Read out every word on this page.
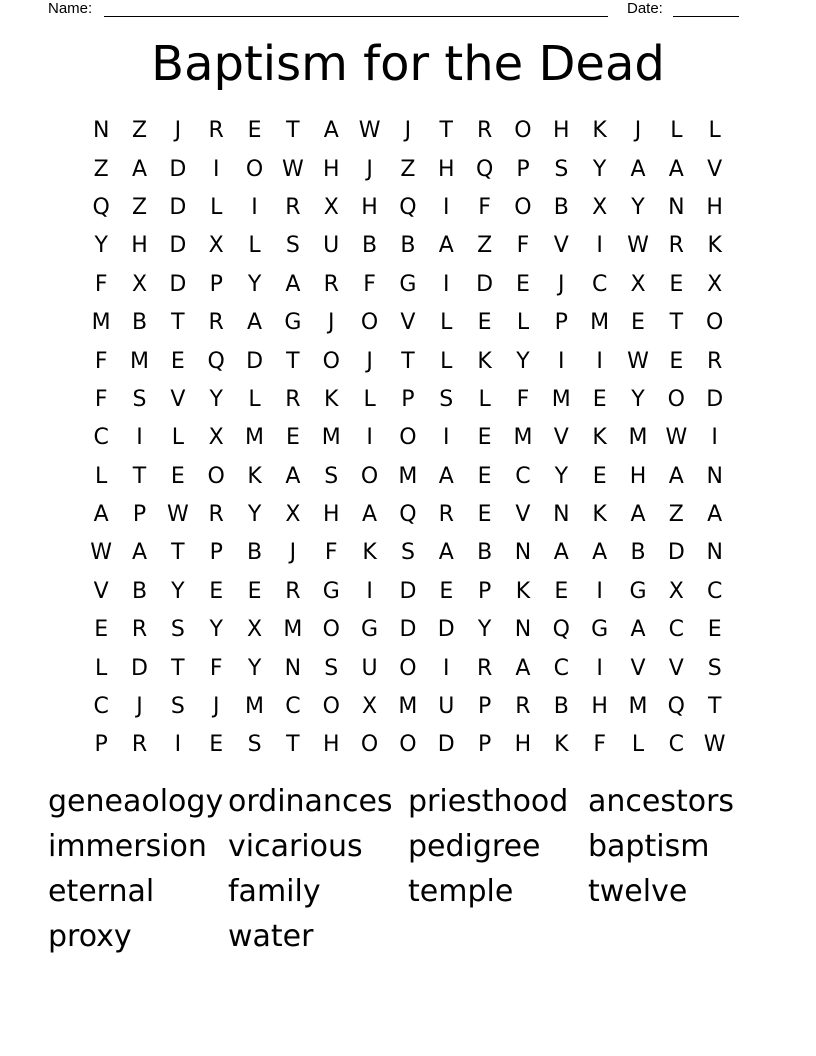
Name:	Date:
Baptism for the Dead
N	Z	J	R	E	T	A W	J	T	R	O H	K	J	L	L
Z	A	D	I	O W H	J	Z	H Q	P	S	Y	A	A	V
Q	Z	D	L	I	R	X	H Q	I	F	O	B	X	Y	N H
Y	H D	X	L	S	U	B	B	A	Z	F	V	I	W R	K
F	X	D	P	Y	A	R	F	G	I	D	E	J	C	X	E	X
M B	T	R	A	G	J	O	V	L	E	L	P	M E	T	O
F	M E	Q D	T	O	J	T	L	K	Y	I	I	W E	R
F	S	V	Y	L	R	K	L	P	S	L	F	M E	Y	O D
C	I	L	X M E M	I	O	I	E M V	K M W	I
L	T	E	O	K	A	S	O M A	E	C	Y	E	H	A	N
A	P W R	Y	X	H	A	Q	R	E	V	N	K	A	Z	A
W A	T	P	B	J	F	K	S	A	B	N	A	A	B	D N
V	B	Y	E	E	R	G	I	D	E	P	K	E	I	G	X	C
E	R	S	Y	X M O G D D	Y	N Q G	A	C	E
L	D	T	F	Y	N	S	U O	I	R	A	C	I	V	V	S
C	J	S	J	M C O	X M U	P	R	B	H M Q	T
P	R	I	E	S	T	H O O D	P	H	K	F	L	C W
geneaology ordinances priesthood ancestors
immersion vicarious	pedigree	baptism
eternal	family	temple	twelve
proxy	water
